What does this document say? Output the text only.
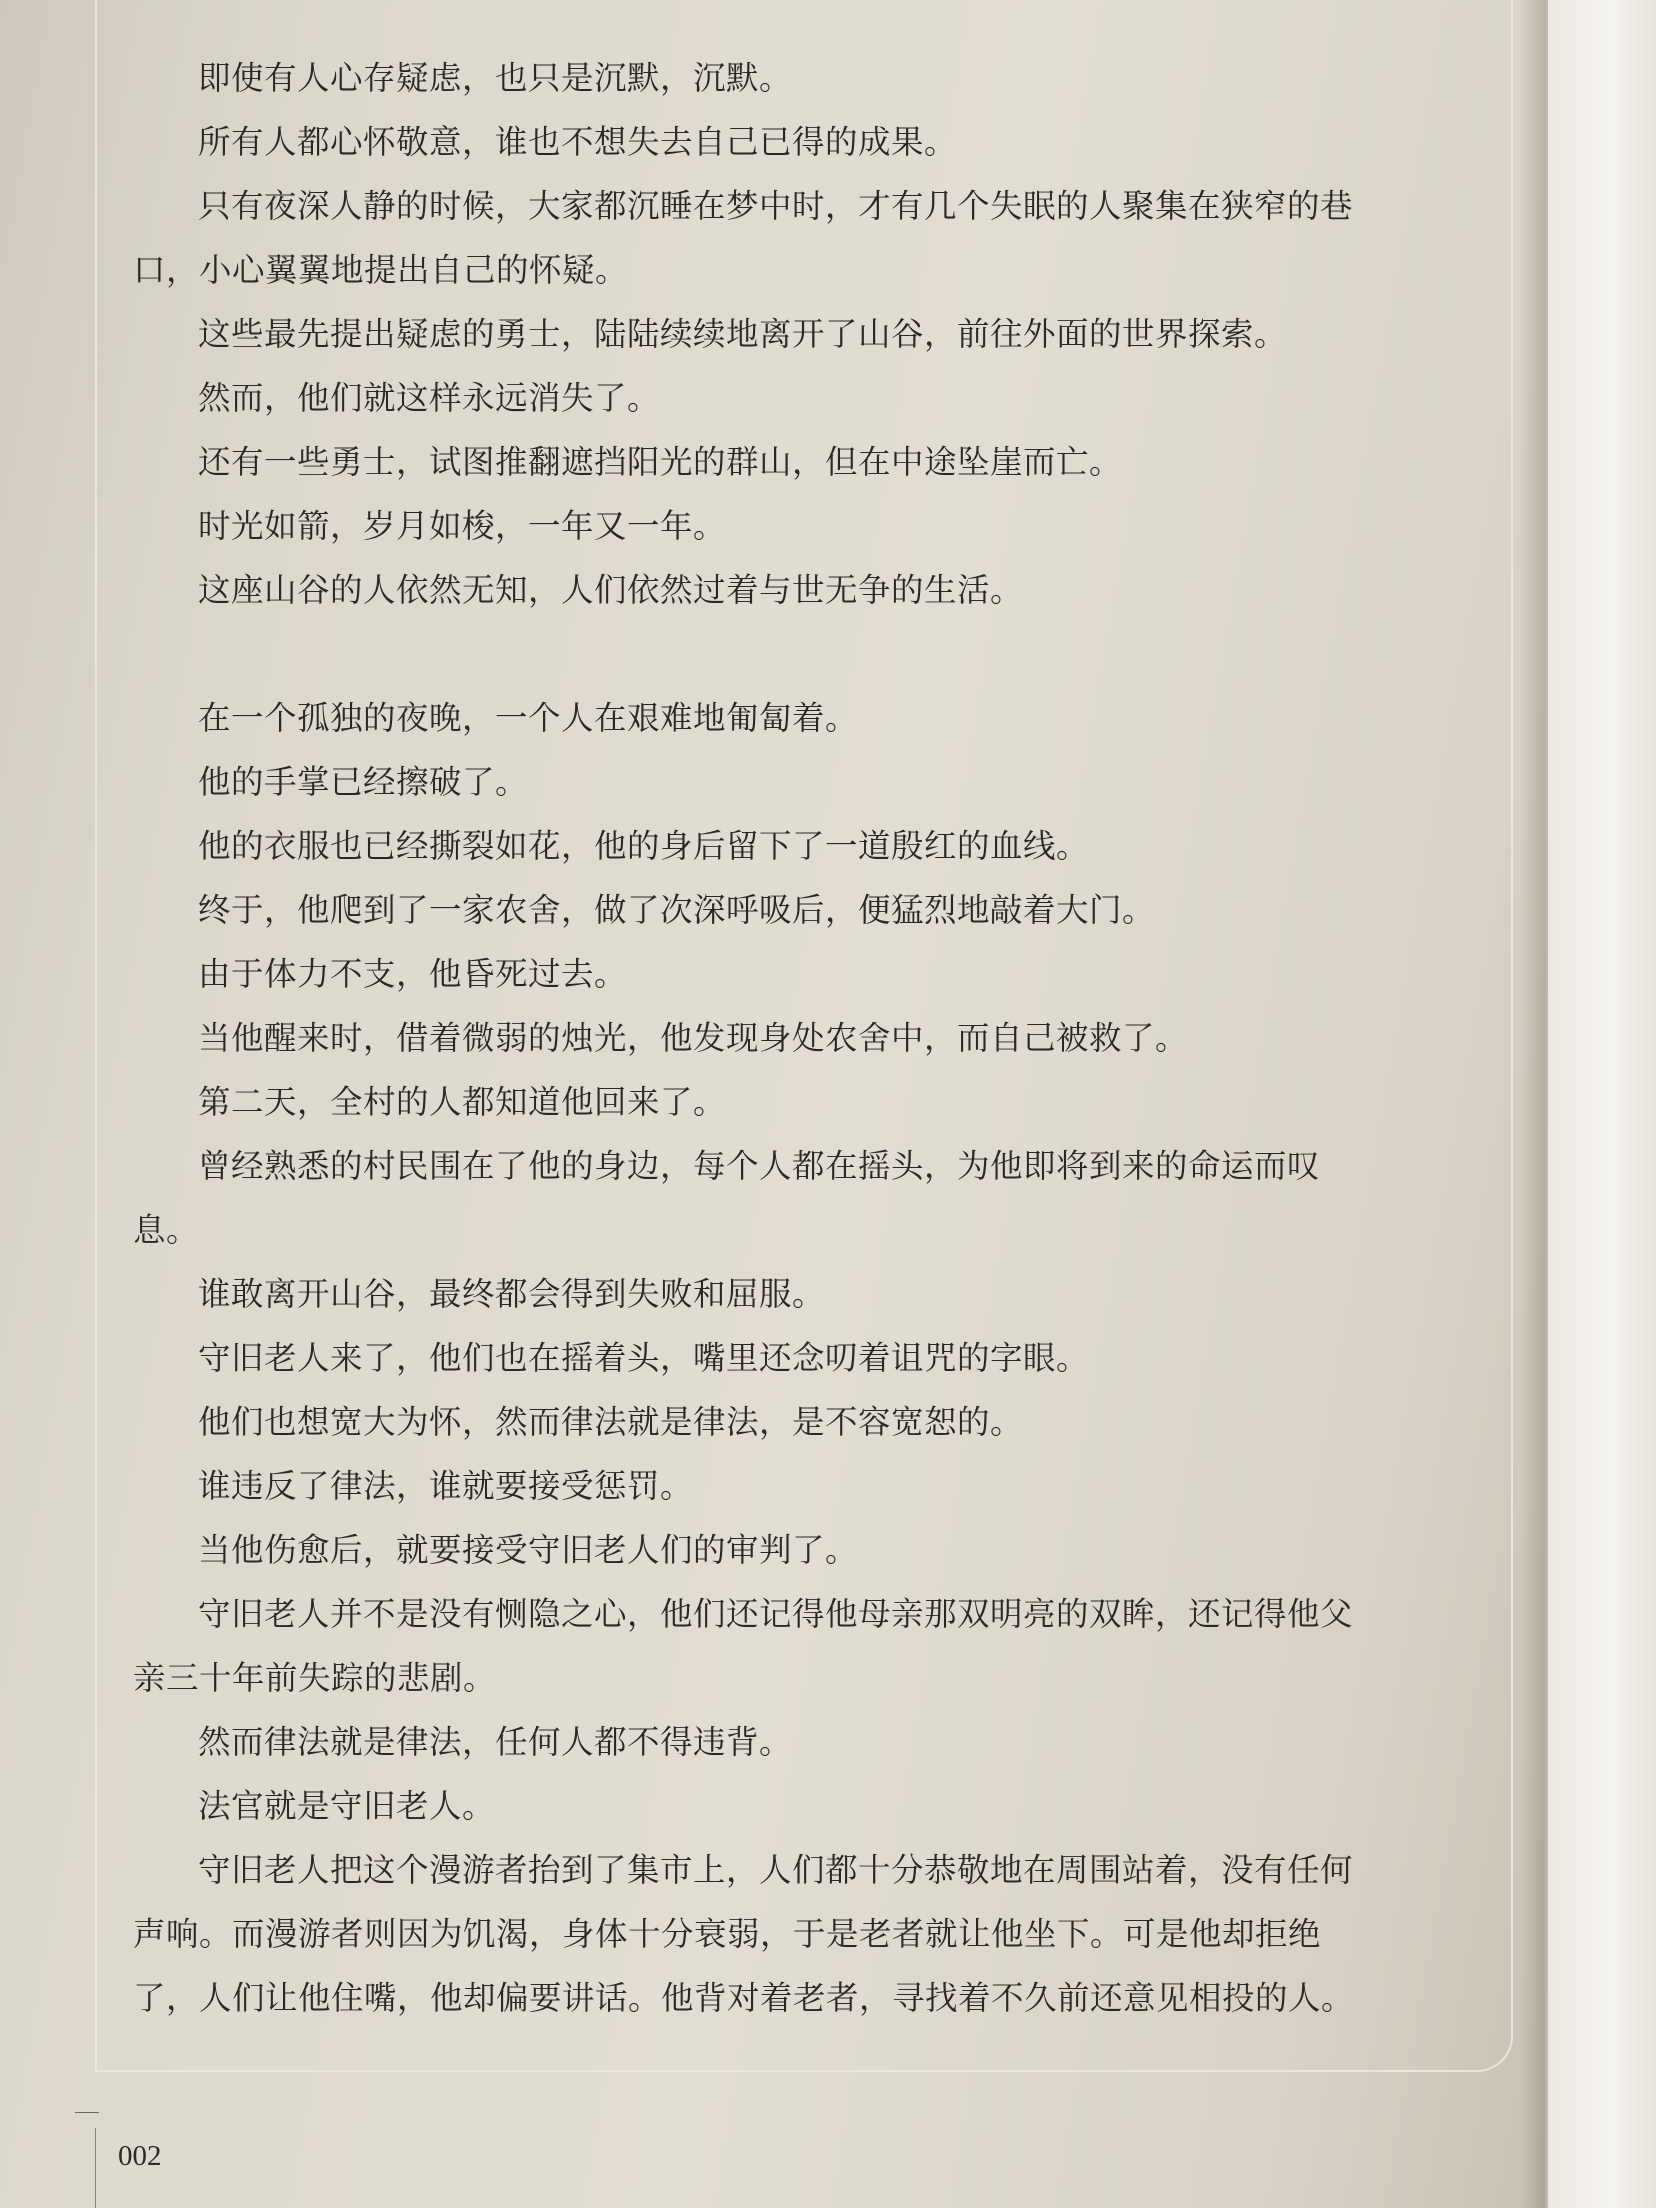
即使有人心存疑虑，也只是沉默，沉默。

所有人都心怀敬意，谁也不想失去自己已得的成果。

只有夜深人静的时候，大家都沉睡在梦中时，才有几个失眠的人聚集在狭窄的巷口，小心翼翼地提出自己的怀疑。

这些最先提出疑虑的勇士，陆陆续续地离开了山谷，前往外面的世界探索。

然而，他们就这样永远消失了。

还有一些勇士，试图推翻遮挡阳光的群山，但在中途坠崖而亡。

时光如箭，岁月如梭，一年又一年。

这座山谷的人依然无知，人们依然过着与世无争的生活。

在一个孤独的夜晚，一个人在艰难地匍匐着。

他的手掌已经擦破了。

他的衣服也已经撕裂如花，他的身后留下了一道殷红的血线。

终于，他爬到了一家农舍，做了次深呼吸后，便猛烈地敲着大门。

由于体力不支，他昏死过去。

当他醒来时，借着微弱的烛光，他发现身处农舍中，而自己被救了。

第二天，全村的人都知道他回来了。

曾经熟悉的村民围在了他的身边，每个人都在摇头，为他即将到来的命运而叹息。

谁敢离开山谷，最终都会得到失败和屈服。

守旧老人来了，他们也在摇着头，嘴里还念叨着诅咒的字眼。

他们也想宽大为怀，然而律法就是律法，是不容宽恕的。

谁违反了律法，谁就要接受惩罚。

当他伤愈后，就要接受守旧老人们的审判了。

守旧老人并不是没有恻隐之心，他们还记得他母亲那双明亮的双眸，还记得他父亲三十年前失踪的悲剧。

然而律法就是律法，任何人都不得违背。

法官就是守旧老人。

守旧老人把这个漫游者抬到了集市上，人们都十分恭敬地在周围站着，没有任何声响。而漫游者则因为饥渴，身体十分衰弱，于是老者就让他坐下。可是他却拒绝了，人们让他住嘴，他却偏要讲话。他背对着老者，寻找着不久前还意见相投的人。

002
